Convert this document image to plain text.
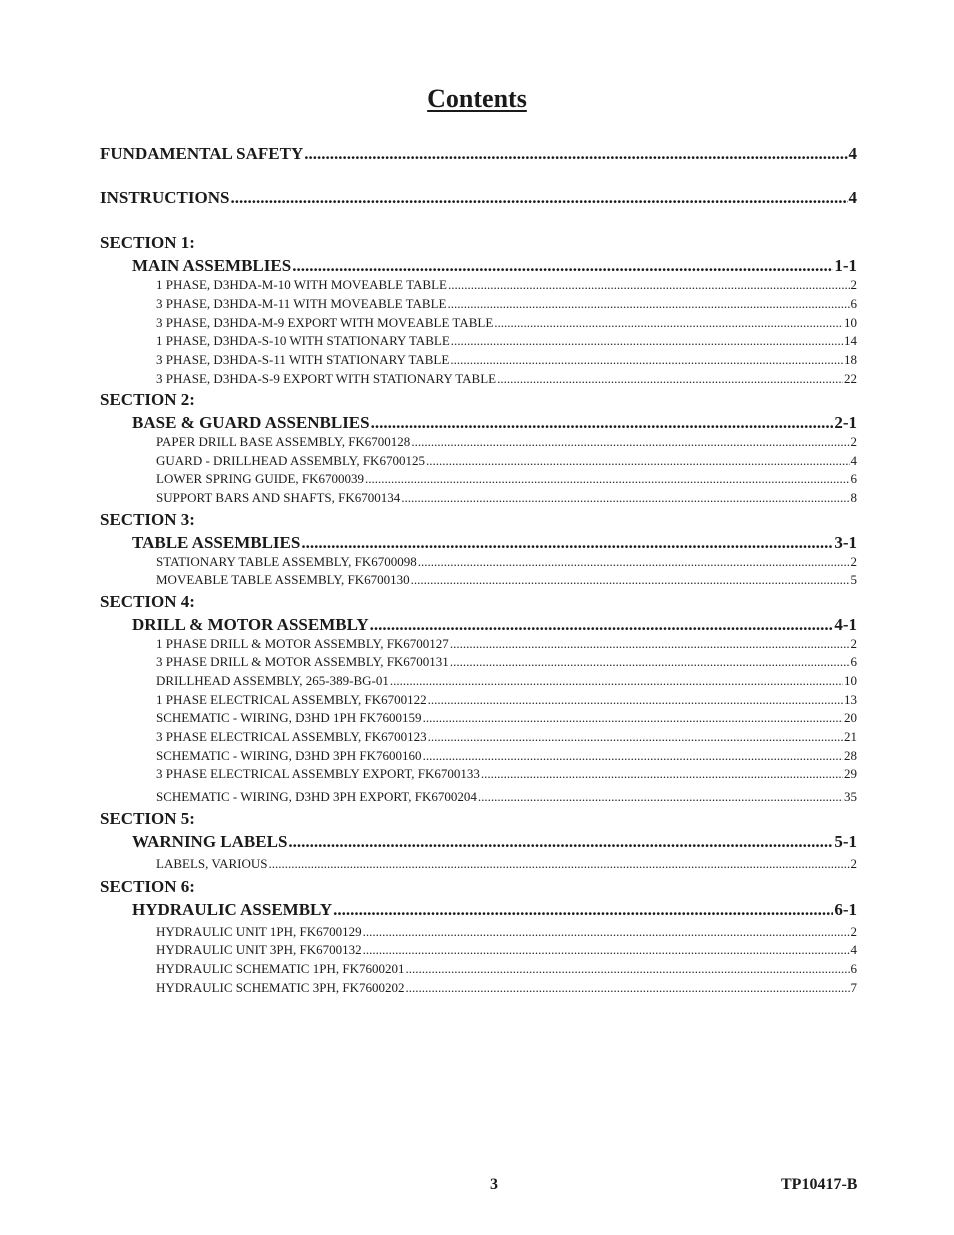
Contents
FUNDAMENTAL SAFETY .....	4
INSTRUCTIONS .....	4
SECTION 1:
MAIN ASSEMBLIES .....	1-1
1 PHASE, D3HDA-M-10 WITH MOVEABLE TABLE .....	2
3 PHASE, D3HDA-M-11 WITH MOVEABLE TABLE .....	6
3 PHASE, D3HDA-M-9 EXPORT WITH MOVEABLE TABLE .....	10
1 PHASE, D3HDA-S-10 WITH STATIONARY TABLE .....	14
3 PHASE, D3HDA-S-11 WITH STATIONARY TABLE .....	18
3 PHASE, D3HDA-S-9 EXPORT WITH STATIONARY TABLE .....	22
SECTION 2:
BASE & GUARD ASSENBLIES .....	2-1
PAPER DRILL BASE ASSEMBLY, FK6700128 .....	2
GUARD - DRILLHEAD ASSEMBLY, FK6700125 .....	4
LOWER SPRING GUIDE, FK6700039 .....	6
SUPPORT BARS AND SHAFTS, FK6700134 .....	8
SECTION 3:
TABLE ASSEMBLIES .....	3-1
STATIONARY TABLE ASSEMBLY, FK6700098 .....	2
MOVEABLE TABLE ASSEMBLY, FK6700130 .....	5
SECTION 4:
DRILL & MOTOR ASSEMBLY .....	4-1
1 PHASE DRILL & MOTOR ASSEMBLY, FK6700127 .....	2
3 PHASE DRILL & MOTOR ASSEMBLY, FK6700131 .....	6
DRILLHEAD ASSEMBLY, 265-389-BG-01 .....	10
1 PHASE ELECTRICAL ASSEMBLY, FK6700122 .....	13
SCHEMATIC - WIRING, D3HD 1PH FK7600159 .....	20
3 PHASE ELECTRICAL ASSEMBLY, FK6700123 .....	21
SCHEMATIC - WIRING, D3HD 3PH FK7600160 .....	28
3 PHASE ELECTRICAL ASSEMBLY EXPORT, FK6700133 .....	29
SCHEMATIC - WIRING, D3HD 3PH EXPORT, FK6700204 .....	35
SECTION 5:
WARNING LABELS .....	5-1
LABELS, VARIOUS .....	2
SECTION 6:
HYDRAULIC ASSEMBLY .....	6-1
HYDRAULIC UNIT 1PH, FK6700129 .....	2
HYDRAULIC UNIT 3PH, FK6700132 .....	4
HYDRAULIC SCHEMATIC 1PH, FK7600201 .....	6
HYDRAULIC SCHEMATIC 3PH, FK7600202 .....	7
3	TP10417-B
